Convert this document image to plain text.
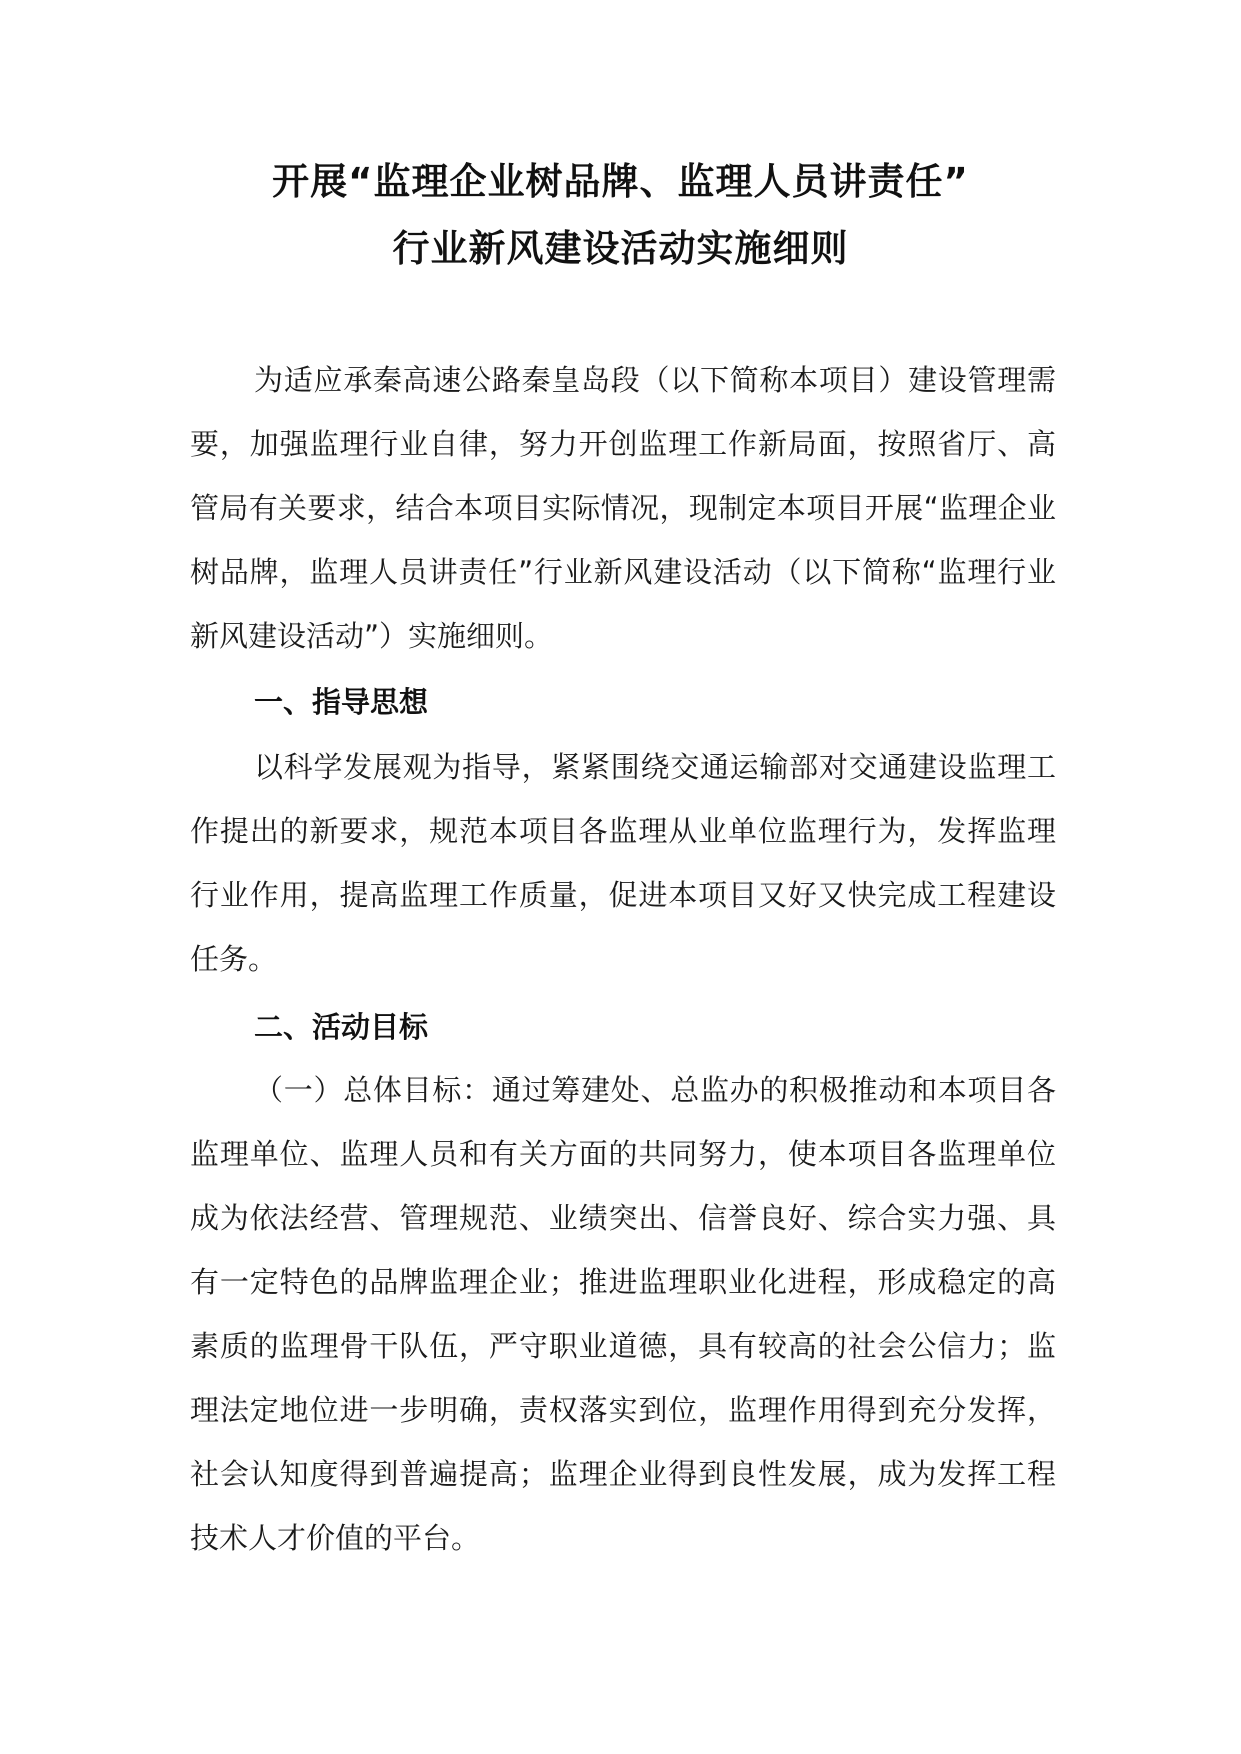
开展“监理企业树品牌、监理人员讲责任”
行业新风建设活动实施细则

为适应承秦高速公路秦皇岛段（以下简称本项目）建设管理需要，加强监理行业自律，努力开创监理工作新局面，按照省厅、高管局有关要求，结合本项目实际情况，现制定本项目开展“监理企业树品牌，监理人员讲责任”行业新风建设活动（以下简称“监理行业新风建设活动”）实施细则。

一、指导思想

以科学发展观为指导，紧紧围绕交通运输部对交通建设监理工作提出的新要求，规范本项目各监理从业单位监理行为，发挥监理行业作用，提高监理工作质量，促进本项目又好又快完成工程建设任务。

二、活动目标

（一）总体目标：通过筹建处、总监办的积极推动和本项目各监理单位、监理人员和有关方面的共同努力，使本项目各监理单位成为依法经营、管理规范、业绩突出、信誉良好、综合实力强、具有一定特色的品牌监理企业；推进监理职业化进程，形成稳定的高素质的监理骨干队伍，严守职业道德，具有较高的社会公信力；监理法定地位进一步明确，责权落实到位，监理作用得到充分发挥，社会认知度得到普遍提高；监理企业得到良性发展，成为发挥工程技术人才价值的平台。
